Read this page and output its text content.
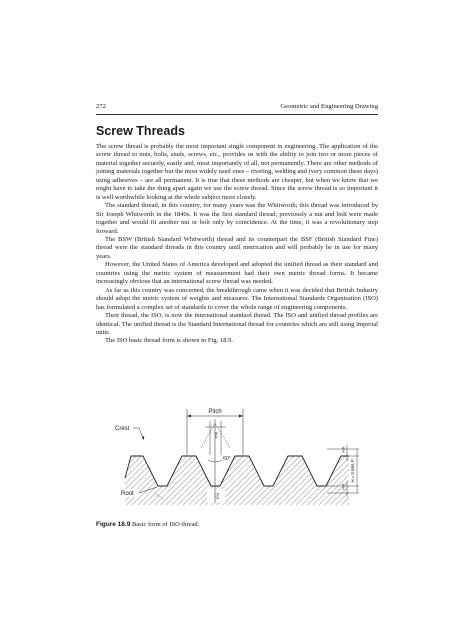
272	Geometric and Engineering Drawing
Screw Threads

The screw thread is probably the most important single component in engineering. The application of the screw thread to nuts, bolts, studs, screws, etc., provides us with the ability to join two or more pieces of material together securely, easily and, most importantly of all, not permanently. There are other methods of joining materials together but the most widely used ones – riveting, welding and (very common these days) using adhesives – are all permanent. It is true that these methods are cheaper, but when we know that we might have to take the thing apart again we use the screw thread. Since the screw thread is so important it is well worthwhile looking at the whole subject more closely.

The standard thread, in this country, for many years was the Whitworth; this thread was introduced by Sir Joseph Whitworth in the 1840s. It was the first standard thread; previously a nut and bolt were made together and would fit another nut or bolt only by coincidence. At the time, it was a revolutionary step forward.

The BSW (British Standard Whitworth) thread and its counterpart the BSF (British Standard Fine) thread were the standard threads in this country until metrication and will probably be in use for many years.

However, the United States of America developed and adopted the unified thread as their standard and countries using the metric system of measurement had their own metric thread forms. It became increasingly obvious that an international screw thread was needed.

As far as this country was concerned, the breakthrough came when it was decided that British Industry should adopt the metric system of weights and measures. The International Standards Organisation (ISO) has formulated a complex set of standards to cover the whole range of engineering components.

Their thread, the ISO, is now the international standard thread. The ISO and unified thread profiles are identical. The unified thread is the Standard International thread for countries which are still using imperial units.

The ISO basic thread form is shown in Fig. 18.9.

Pitch
P/8
60°
P/4
Crest
Root
H/8
H/4
H = 0.866 P
Figure 18.9 Basic form of ISO thread.
